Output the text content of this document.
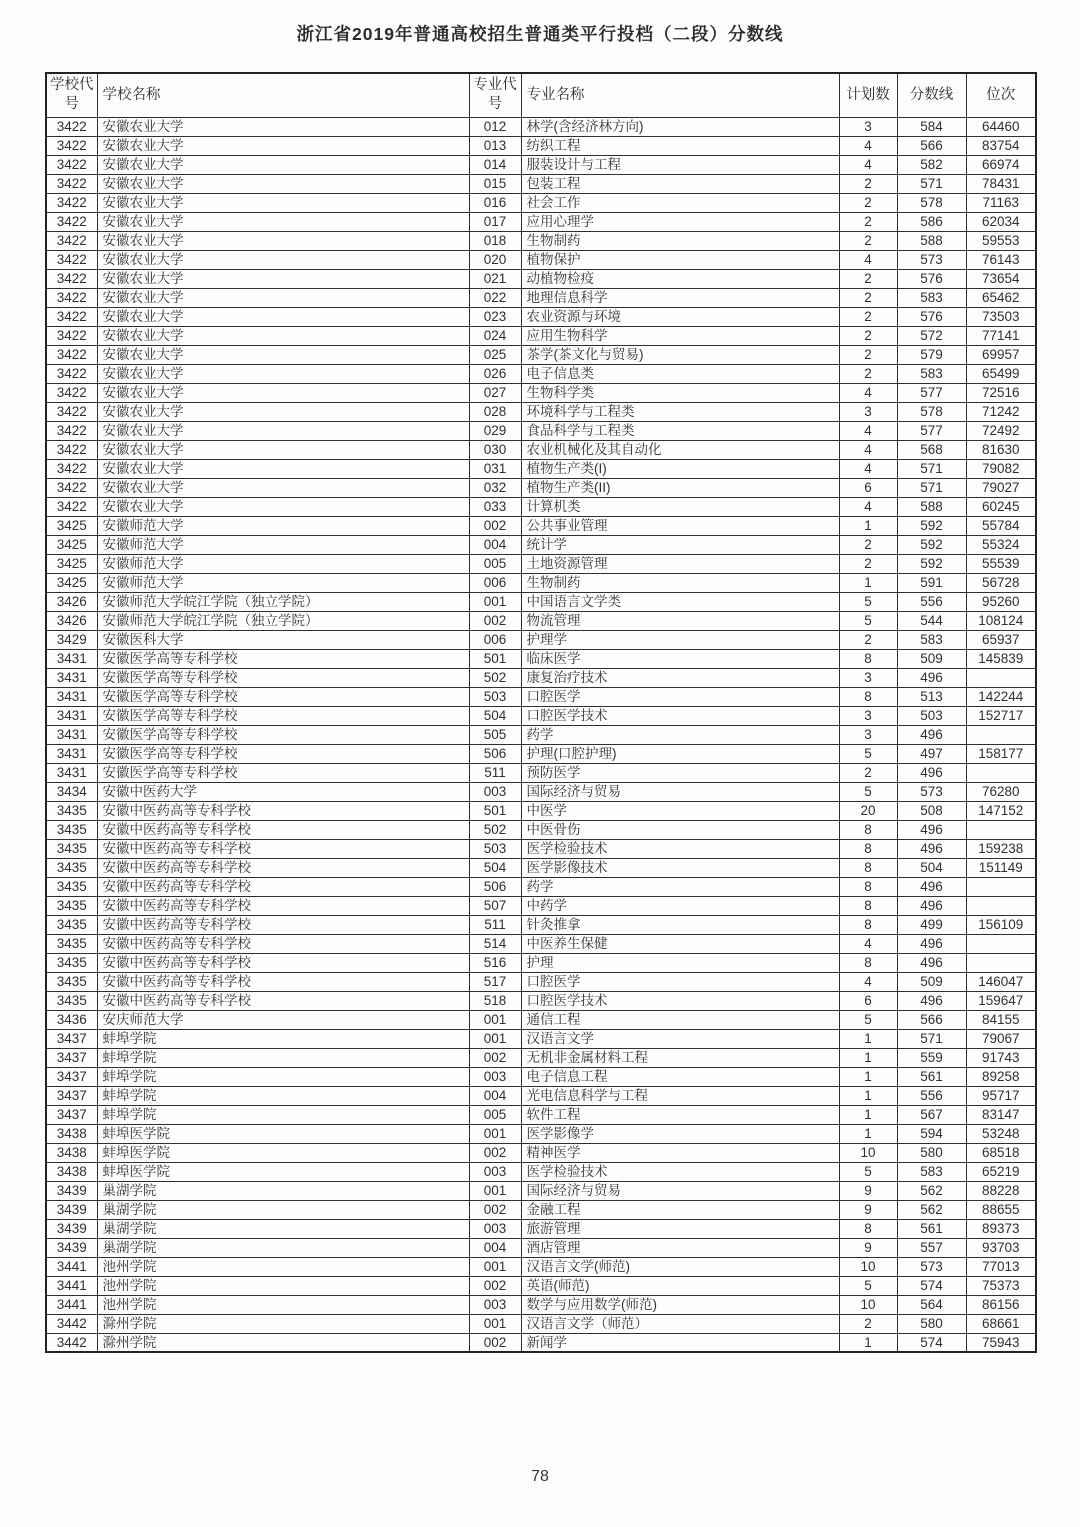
浙江省2019年普通高校招生普通类平行投档（二段）分数线
学校代号	学校名称	专业代号	专业名称	计划数	分数线	位次
3422	安徽农业大学	012	林学(含经济林方向)	3	584	64460
3422	安徽农业大学	013	纺织工程	4	566	83754
3422	安徽农业大学	014	服装设计与工程	4	582	66974
3422	安徽农业大学	015	包装工程	2	571	78431
3422	安徽农业大学	016	社会工作	2	578	71163
3422	安徽农业大学	017	应用心理学	2	586	62034
3422	安徽农业大学	018	生物制药	2	588	59553
3422	安徽农业大学	020	植物保护	4	573	76143
3422	安徽农业大学	021	动植物检疫	2	576	73654
3422	安徽农业大学	022	地理信息科学	2	583	65462
3422	安徽农业大学	023	农业资源与环境	2	576	73503
3422	安徽农业大学	024	应用生物科学	2	572	77141
3422	安徽农业大学	025	茶学(茶文化与贸易)	2	579	69957
3422	安徽农业大学	026	电子信息类	2	583	65499
3422	安徽农业大学	027	生物科学类	4	577	72516
3422	安徽农业大学	028	环境科学与工程类	3	578	71242
3422	安徽农业大学	029	食品科学与工程类	4	577	72492
3422	安徽农业大学	030	农业机械化及其自动化	4	568	81630
3422	安徽农业大学	031	植物生产类(I)	4	571	79082
3422	安徽农业大学	032	植物生产类(II)	6	571	79027
3422	安徽农业大学	033	计算机类	4	588	60245
3425	安徽师范大学	002	公共事业管理	1	592	55784
3425	安徽师范大学	004	统计学	2	592	55324
3425	安徽师范大学	005	土地资源管理	2	592	55539
3425	安徽师范大学	006	生物制药	1	591	56728
3426	安徽师范大学皖江学院（独立学院）	001	中国语言文学类	5	556	95260
3426	安徽师范大学皖江学院（独立学院）	002	物流管理	5	544	108124
3429	安徽医科大学	006	护理学	2	583	65937
3431	安徽医学高等专科学校	501	临床医学	8	509	145839
3431	安徽医学高等专科学校	502	康复治疗技术	3	496	
3431	安徽医学高等专科学校	503	口腔医学	8	513	142244
3431	安徽医学高等专科学校	504	口腔医学技术	3	503	152717
3431	安徽医学高等专科学校	505	药学	3	496	
3431	安徽医学高等专科学校	506	护理(口腔护理)	5	497	158177
3431	安徽医学高等专科学校	511	预防医学	2	496	
3434	安徽中医药大学	003	国际经济与贸易	5	573	76280
3435	安徽中医药高等专科学校	501	中医学	20	508	147152
3435	安徽中医药高等专科学校	502	中医骨伤	8	496	
3435	安徽中医药高等专科学校	503	医学检验技术	8	496	159238
3435	安徽中医药高等专科学校	504	医学影像技术	8	504	151149
3435	安徽中医药高等专科学校	506	药学	8	496	
3435	安徽中医药高等专科学校	507	中药学	8	496	
3435	安徽中医药高等专科学校	511	针灸推拿	8	499	156109
3435	安徽中医药高等专科学校	514	中医养生保健	4	496	
3435	安徽中医药高等专科学校	516	护理	8	496	
3435	安徽中医药高等专科学校	517	口腔医学	4	509	146047
3435	安徽中医药高等专科学校	518	口腔医学技术	6	496	159647
3436	安庆师范大学	001	通信工程	5	566	84155
3437	蚌埠学院	001	汉语言文学	1	571	79067
3437	蚌埠学院	002	无机非金属材料工程	1	559	91743
3437	蚌埠学院	003	电子信息工程	1	561	89258
3437	蚌埠学院	004	光电信息科学与工程	1	556	95717
3437	蚌埠学院	005	软件工程	1	567	83147
3438	蚌埠医学院	001	医学影像学	1	594	53248
3438	蚌埠医学院	002	精神医学	10	580	68518
3438	蚌埠医学院	003	医学检验技术	5	583	65219
3439	巢湖学院	001	国际经济与贸易	9	562	88228
3439	巢湖学院	002	金融工程	9	562	88655
3439	巢湖学院	003	旅游管理	8	561	89373
3439	巢湖学院	004	酒店管理	9	557	93703
3441	池州学院	001	汉语言文学(师范)	10	573	77013
3441	池州学院	002	英语(师范)	5	574	75373
3441	池州学院	003	数学与应用数学(师范)	10	564	86156
3442	滁州学院	001	汉语言文学（师范）	2	580	68661
3442	滁州学院	002	新闻学	1	574	75943
78
